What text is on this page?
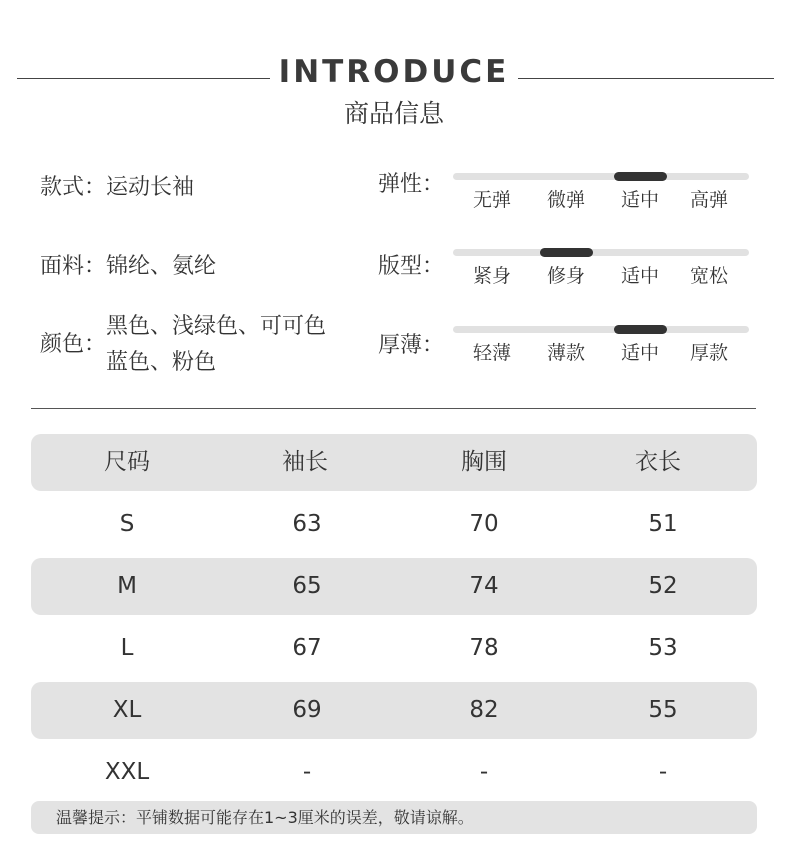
INTRODUCE
商品信息
款式：运动长袖
面料：锦纶、氨纶
颜色：
黑色、浅绿色、可可色
蓝色、粉色
弹性：
无弹 微弹 适中 高弹
版型： 紧身 修身 适中 宽松
厚薄： 轻薄 薄款 适中 厚款
尺码	袖长	胸围	衣长
S	63	70	51
M	65	74	52
L	67	78	53
XL	69	82	55
XXL	-	-	-
温馨提示：平铺数据可能存在1~3厘米的误差，敬请谅解。
